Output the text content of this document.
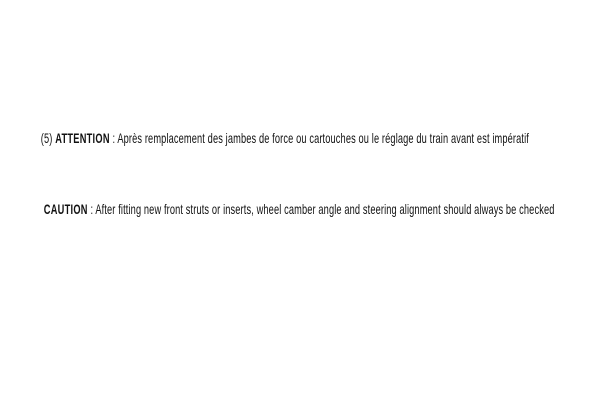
(5) ATTENTION : Après remplacement des jambes de force ou cartouches ou le réglage du train avant est impératif

CAUTION : After fitting new front struts or inserts, wheel camber angle and steering alignment should always be checked
